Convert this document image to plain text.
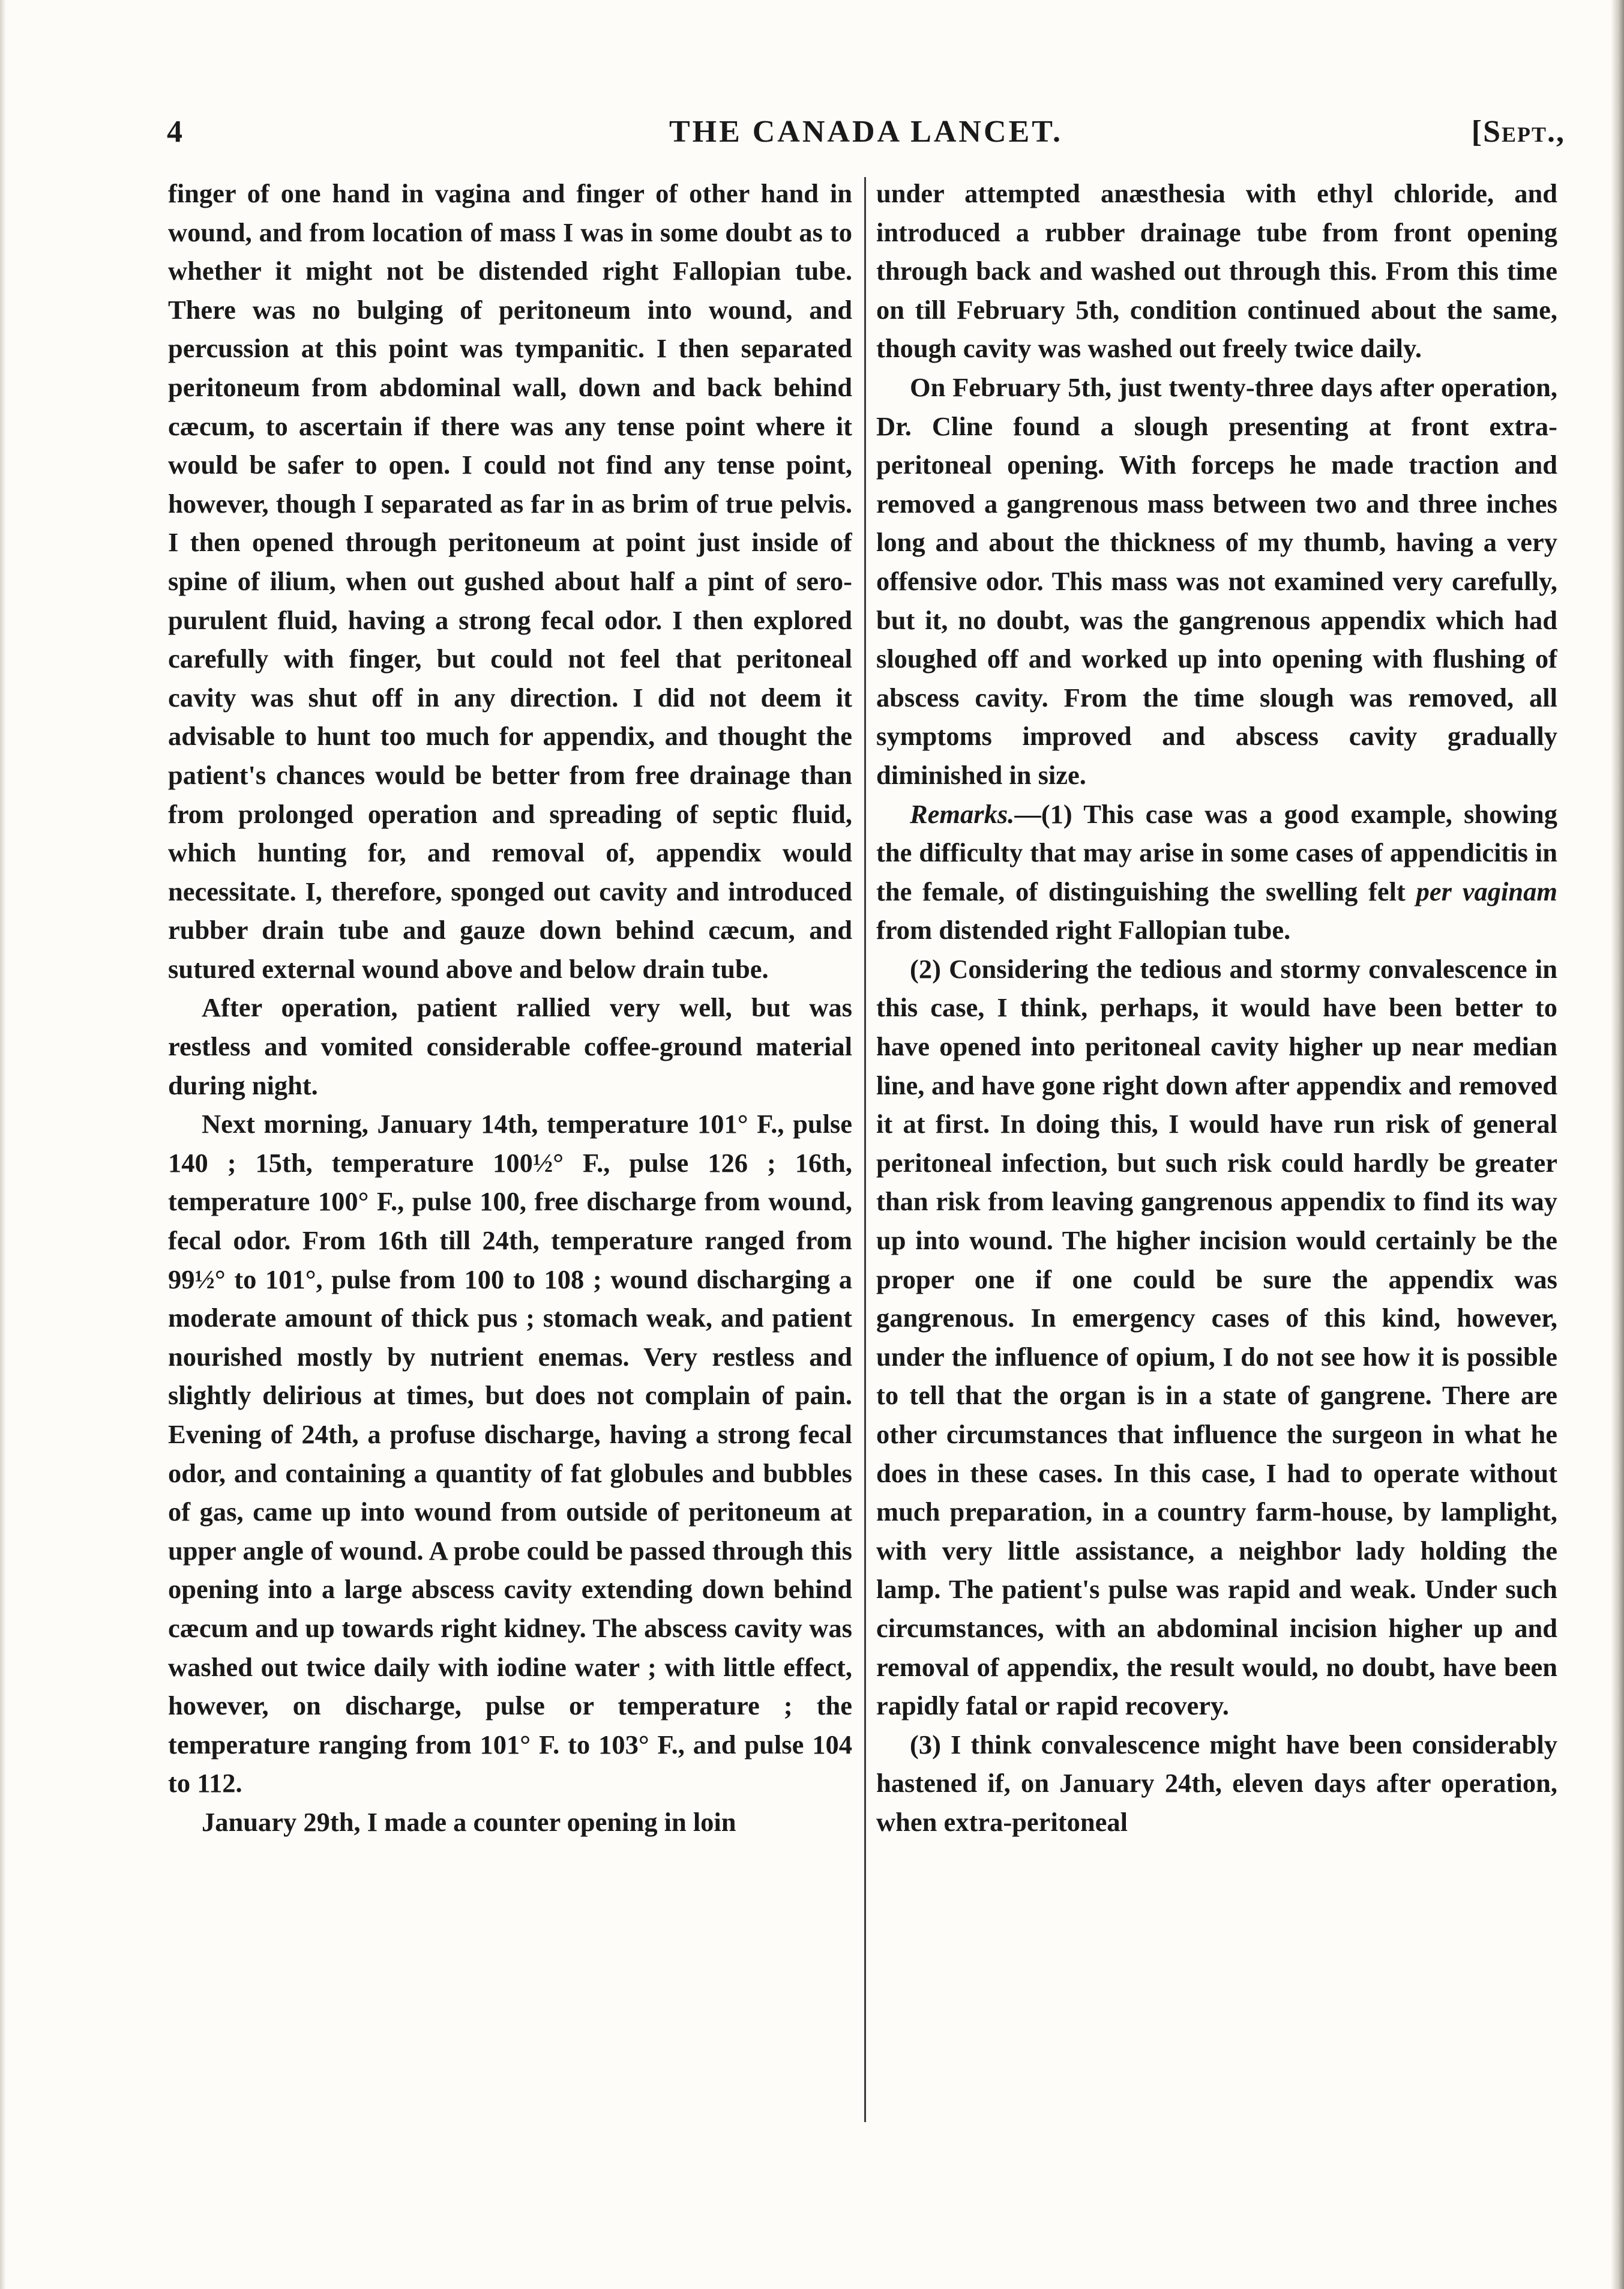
4	THE CANADA LANCET.	[Sept.,

finger of one hand in vagina and finger of other hand in wound, and from location of mass I was in some doubt as to whether it might not be distended right Fallopian tube. There was no bulging of peritoneum into wound, and percussion at this point was tympanitic. I then separated peritoneum from abdominal wall, down and back behind cæcum, to ascertain if there was any tense point where it would be safer to open. I could not find any tense point, however, though I separated as far in as brim of true pelvis. I then opened through peritoneum at point just inside of spine of ilium, when out gushed about half a pint of sero-purulent fluid, having a strong fecal odor. I then explored carefully with finger, but could not feel that peritoneal cavity was shut off in any direction. I did not deem it advisable to hunt too much for appendix, and thought the patient's chances would be better from free drainage than from prolonged operation and spreading of septic fluid, which hunting for, and removal of, appendix would necessitate. I, therefore, sponged out cavity and introduced rubber drain tube and gauze down behind cæcum, and sutured external wound above and below drain tube.

After operation, patient rallied very well, but was restless and vomited considerable coffee-ground material during night.

Next morning, January 14th, temperature 101° F., pulse 140 ; 15th, temperature 100½° F., pulse 126 ; 16th, temperature 100° F., pulse 100, free discharge from wound, fecal odor. From 16th till 24th, temperature ranged from 99½° to 101°, pulse from 100 to 108 ; wound discharging a moderate amount of thick pus ; stomach weak, and patient nourished mostly by nutrient enemas. Very restless and slightly delirious at times, but does not complain of pain. Evening of 24th, a profuse discharge, having a strong fecal odor, and containing a quantity of fat globules and bubbles of gas, came up into wound from outside of peritoneum at upper angle of wound. A probe could be passed through this opening into a large abscess cavity extending down behind cæcum and up towards right kidney. The abscess cavity was washed out twice daily with iodine water ; with little effect, however, on discharge, pulse or temperature ; the temperature ranging from 101° F. to 103° F., and pulse 104 to 112.

January 29th, I made a counter opening in loin

under attempted anæsthesia with ethyl chloride, and introduced a rubber drainage tube from front opening through back and washed out through this. From this time on till February 5th, condition continued about the same, though cavity was washed out freely twice daily.

On February 5th, just twenty-three days after operation, Dr. Cline found a slough presenting at front extra-peritoneal opening. With forceps he made traction and removed a gangrenous mass between two and three inches long and about the thickness of my thumb, having a very offensive odor. This mass was not examined very carefully, but it, no doubt, was the gangrenous appendix which had sloughed off and worked up into opening with flushing of abscess cavity. From the time slough was removed, all symptoms improved and abscess cavity gradually diminished in size.

Remarks.—(1) This case was a good example, showing the difficulty that may arise in some cases of appendicitis in the female, of distinguishing the swelling felt per vaginam from distended right Fallopian tube.

(2) Considering the tedious and stormy convalescence in this case, I think, perhaps, it would have been better to have opened into peritoneal cavity higher up near median line, and have gone right down after appendix and removed it at first. In doing this, I would have run risk of general peritoneal infection, but such risk could hardly be greater than risk from leaving gangrenous appendix to find its way up into wound. The higher incision would certainly be the proper one if one could be sure the appendix was gangrenous. In emergency cases of this kind, however, under the influence of opium, I do not see how it is possible to tell that the organ is in a state of gangrene. There are other circumstances that influence the surgeon in what he does in these cases. In this case, I had to operate without much preparation, in a country farm-house, by lamplight, with very little assistance, a neighbor lady holding the lamp. The patient's pulse was rapid and weak. Under such circumstances, with an abdominal incision higher up and removal of appendix, the result would, no doubt, have been rapidly fatal or rapid recovery.

(3) I think convalescence might have been considerably hastened if, on January 24th, eleven days after operation, when extra-peritoneal
